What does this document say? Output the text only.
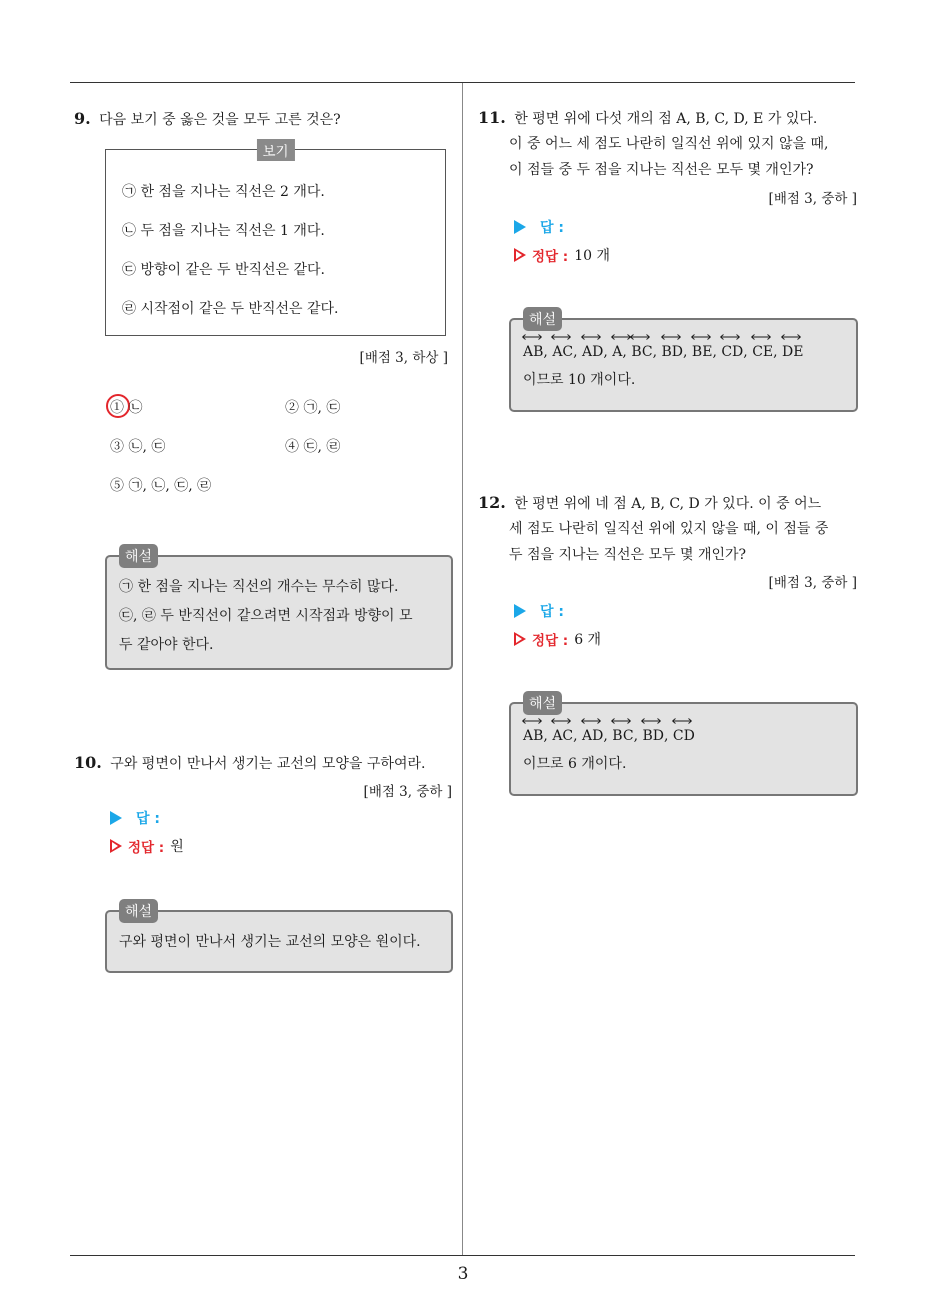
3
9. 다음 보기 중 옳은 것을 모두 고른 것은?
보기
㉠ 한 점을 지나는 직선은 2 개다.
㉡ 두 점을 지나는 직선은 1 개다.
㉢ 방향이 같은 두 반직선은 같다.
㉣ 시작점이 같은 두 반직선은 같다.
[배점 3, 하상 ]
① ㉡	② ㉠, ㉢
③ ㉡, ㉢	④ ㉢, ㉣
⑤ ㉠, ㉡, ㉢, ㉣
해설
㉠ 한 점을 지나는 직선의 개수는 무수히 많다.
㉢, ㉣ 두 반직선이 같으려면 시작점과 방향이 모
두 같아야 한다.
10. 구와 평면이 만나서 생기는 교선의 모양을 구하여라.
[배점 3, 중하 ]
답 :
정답 : 원
해설
구와 평면이 만나서 생기는 교선의 모양은 원이다.
11. 한 평면 위에 다섯 개의 점 A, B, C, D, E 가 있다.
이 중 어느 세 점도 나란히 일직선 위에 있지 않을 때,
이 점들 중 두 점을 지나는 직선은 모두 몇 개인가?
[배점 3, 중하 ]
답 :
정답 : 10 개
해설
AB
, AC
, AD
, A
, BC
, BD
, BE
, CD
, CE
, DE
이므로 10 개이다.
12. 한 평면 위에 네 점 A, B, C, D 가 있다. 이 중 어느
세 점도 나란히 일직선 위에 있지 않을 때, 이 점들 중
두 점을 지나는 직선은 모두 몇 개인가?
[배점 3, 중하 ]
답 :
정답 : 6 개
해설
AB
, AC
, AD
, BC
, BD
, CD
이므로 6 개이다.
